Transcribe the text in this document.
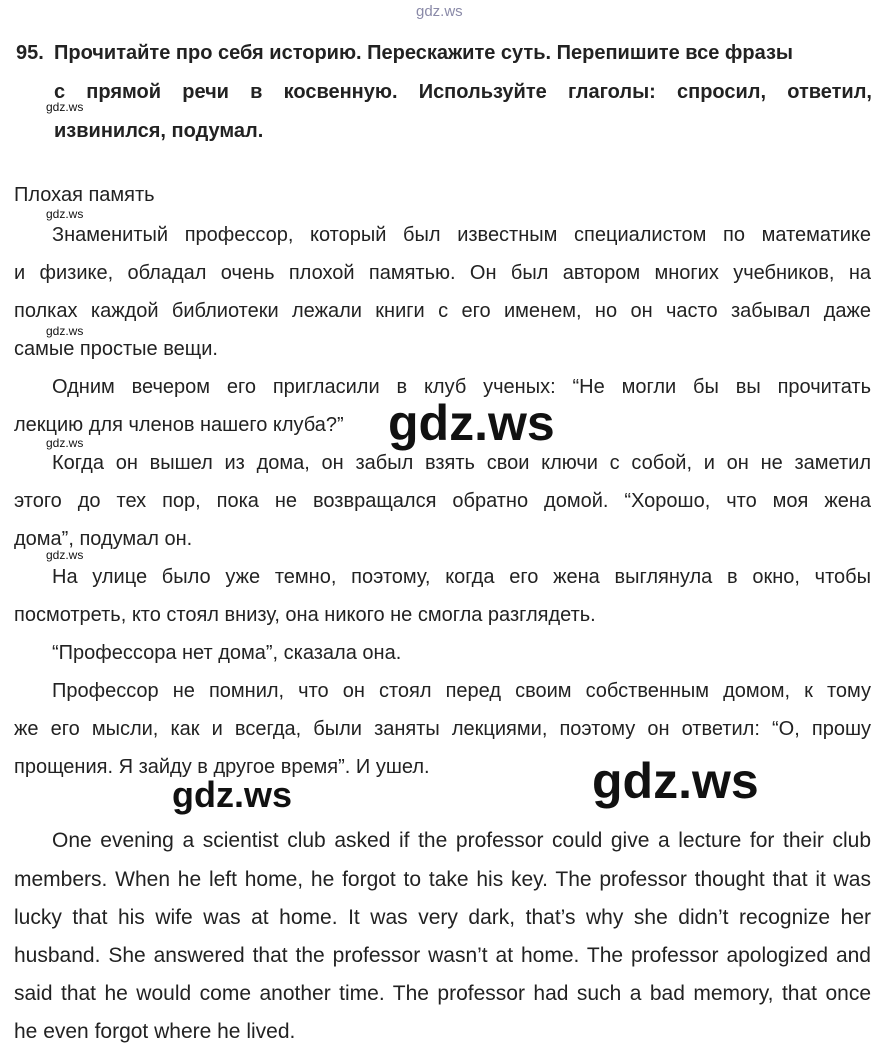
gdz.ws
gdz.ws
gdz.ws
gdz.ws
gdz.ws
gdz.ws
95. Прочитайте про себя историю. Перескажите суть. Перепишите все фразы
с прямой речи в косвенную. Используйте глаголы: спросил, ответил,
извинился, подумал.
Плохая память
Знаменитый профессор, который был известным специалистом по математике
и физике, обладал очень плохой памятью. Он был автором многих учебников, на
полках каждой библиотеки лежали книги с его именем, но он часто забывал даже
самые простые вещи.
Одним вечером его пригласили в клуб ученых: “Не могли бы вы прочитать
лекцию для членов нашего клуба?”
Когда он вышел из дома, он забыл взять свои ключи с собой, и он не заметил
этого до тех пор, пока не возвращался обратно домой. “Хорошо, что моя жена
дома”, подумал он.
На улице было уже темно, поэтому, когда его жена выглянула в окно, чтобы
посмотреть, кто стоял внизу, она никого не смогла разглядеть.
“Профессора нет дома”, сказала она.
Профессор не помнил, что он стоял перед своим собственным домом, к тому
же его мысли, как и всегда, были заняты лекциями, поэтому он ответил: “О, прошу
прощения. Я зайду в другое время”. И ушел.
gdz.ws
gdz.ws
gdz.ws
One evening a scientist club asked if the professor could give a lecture for their club
members. When he left home, he forgot to take his key. The professor thought that it was
lucky that his wife was at home. It was very dark, that’s why she didn’t recognize her
husband. She answered that the professor wasn’t at home. The professor apologized and
said that he would come another time. The professor had such a bad memory, that once
he even forgot where he lived.
